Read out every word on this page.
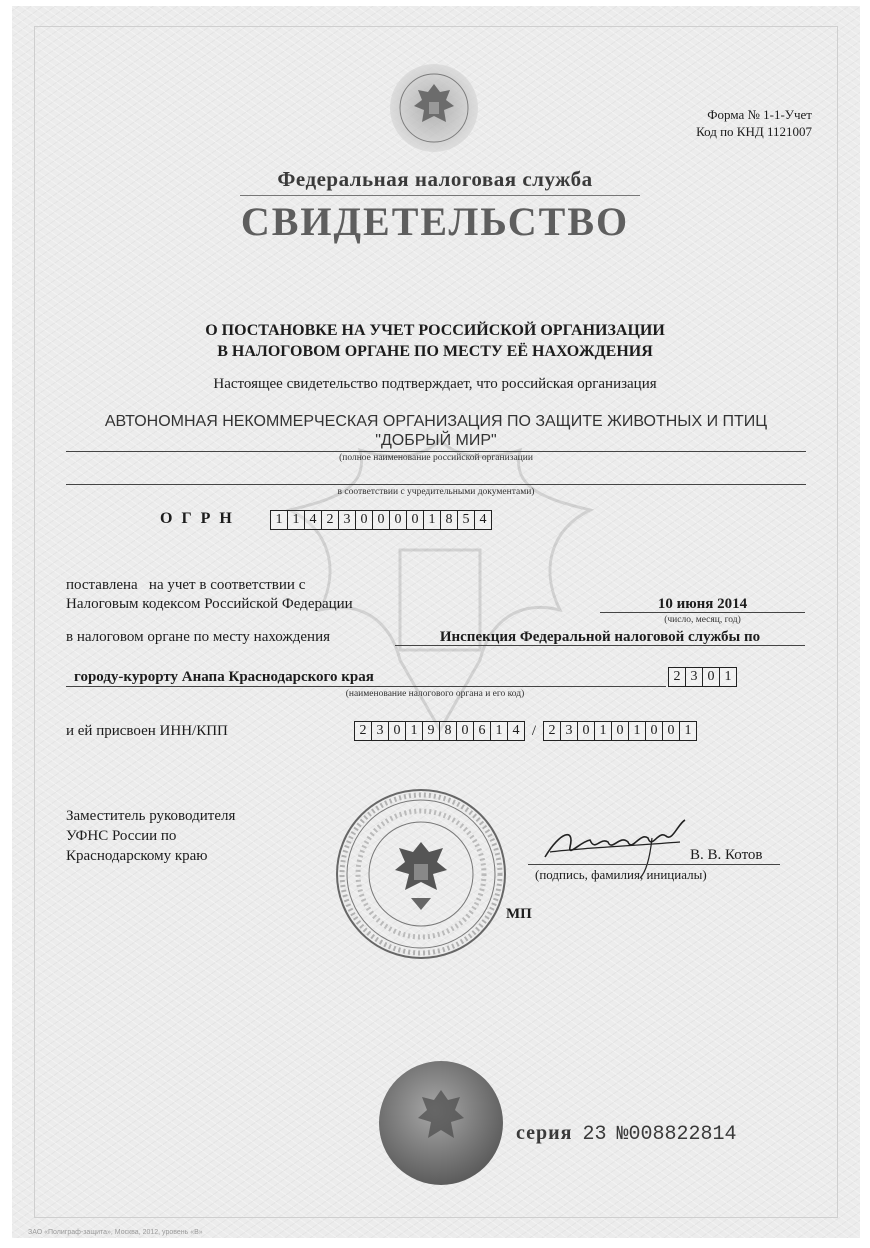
Форма № 1-1-Учет
Код по КНД 1121007
Федеральная налоговая служба
СВИДЕТЕЛЬСТВО
О ПОСТАНОВКЕ НА УЧЕТ РОССИЙСКОЙ ОРГАНИЗАЦИИ
В НАЛОГОВОМ ОРГАНЕ ПО МЕСТУ ЕЁ НАХОЖДЕНИЯ
Настоящее свидетельство подтверждает, что российская организация
АВТОНОМНАЯ НЕКОММЕРЧЕСКАЯ ОРГАНИЗАЦИЯ ПО ЗАЩИТЕ ЖИВОТНЫХ И ПТИЦ "ДОБРЫЙ МИР"
(полное наименование российской организации
в соответствии с учредительными документами)
ОГРН	1 1 4 2 3 0 0 0 0 1 8 5 4
поставлена   на учет в соответствии с
Налоговым кодексом Российской Федерации	10 июня 2014
(число, месяц, год)
в налоговом органе по месту нахождения	Инспекция Федеральной налоговой службы по
городу-курорту Анапа Краснодарского края	2 3 0 1
(наименование налогового органа и его код)
и ей присвоен ИНН/КПП	2 3 0 1 9 8 0 6 1 4 / 2 3 0 1 0 1 0 0 1
Заместитель руководителя
УФНС России по
Краснодарскому краю	В. В. Котов
(подпись, фамилия, инициалы)
МП
серия 23 №008822814
ЗАО «Полиграф-защита», Москва, 2012, уровень «В»
